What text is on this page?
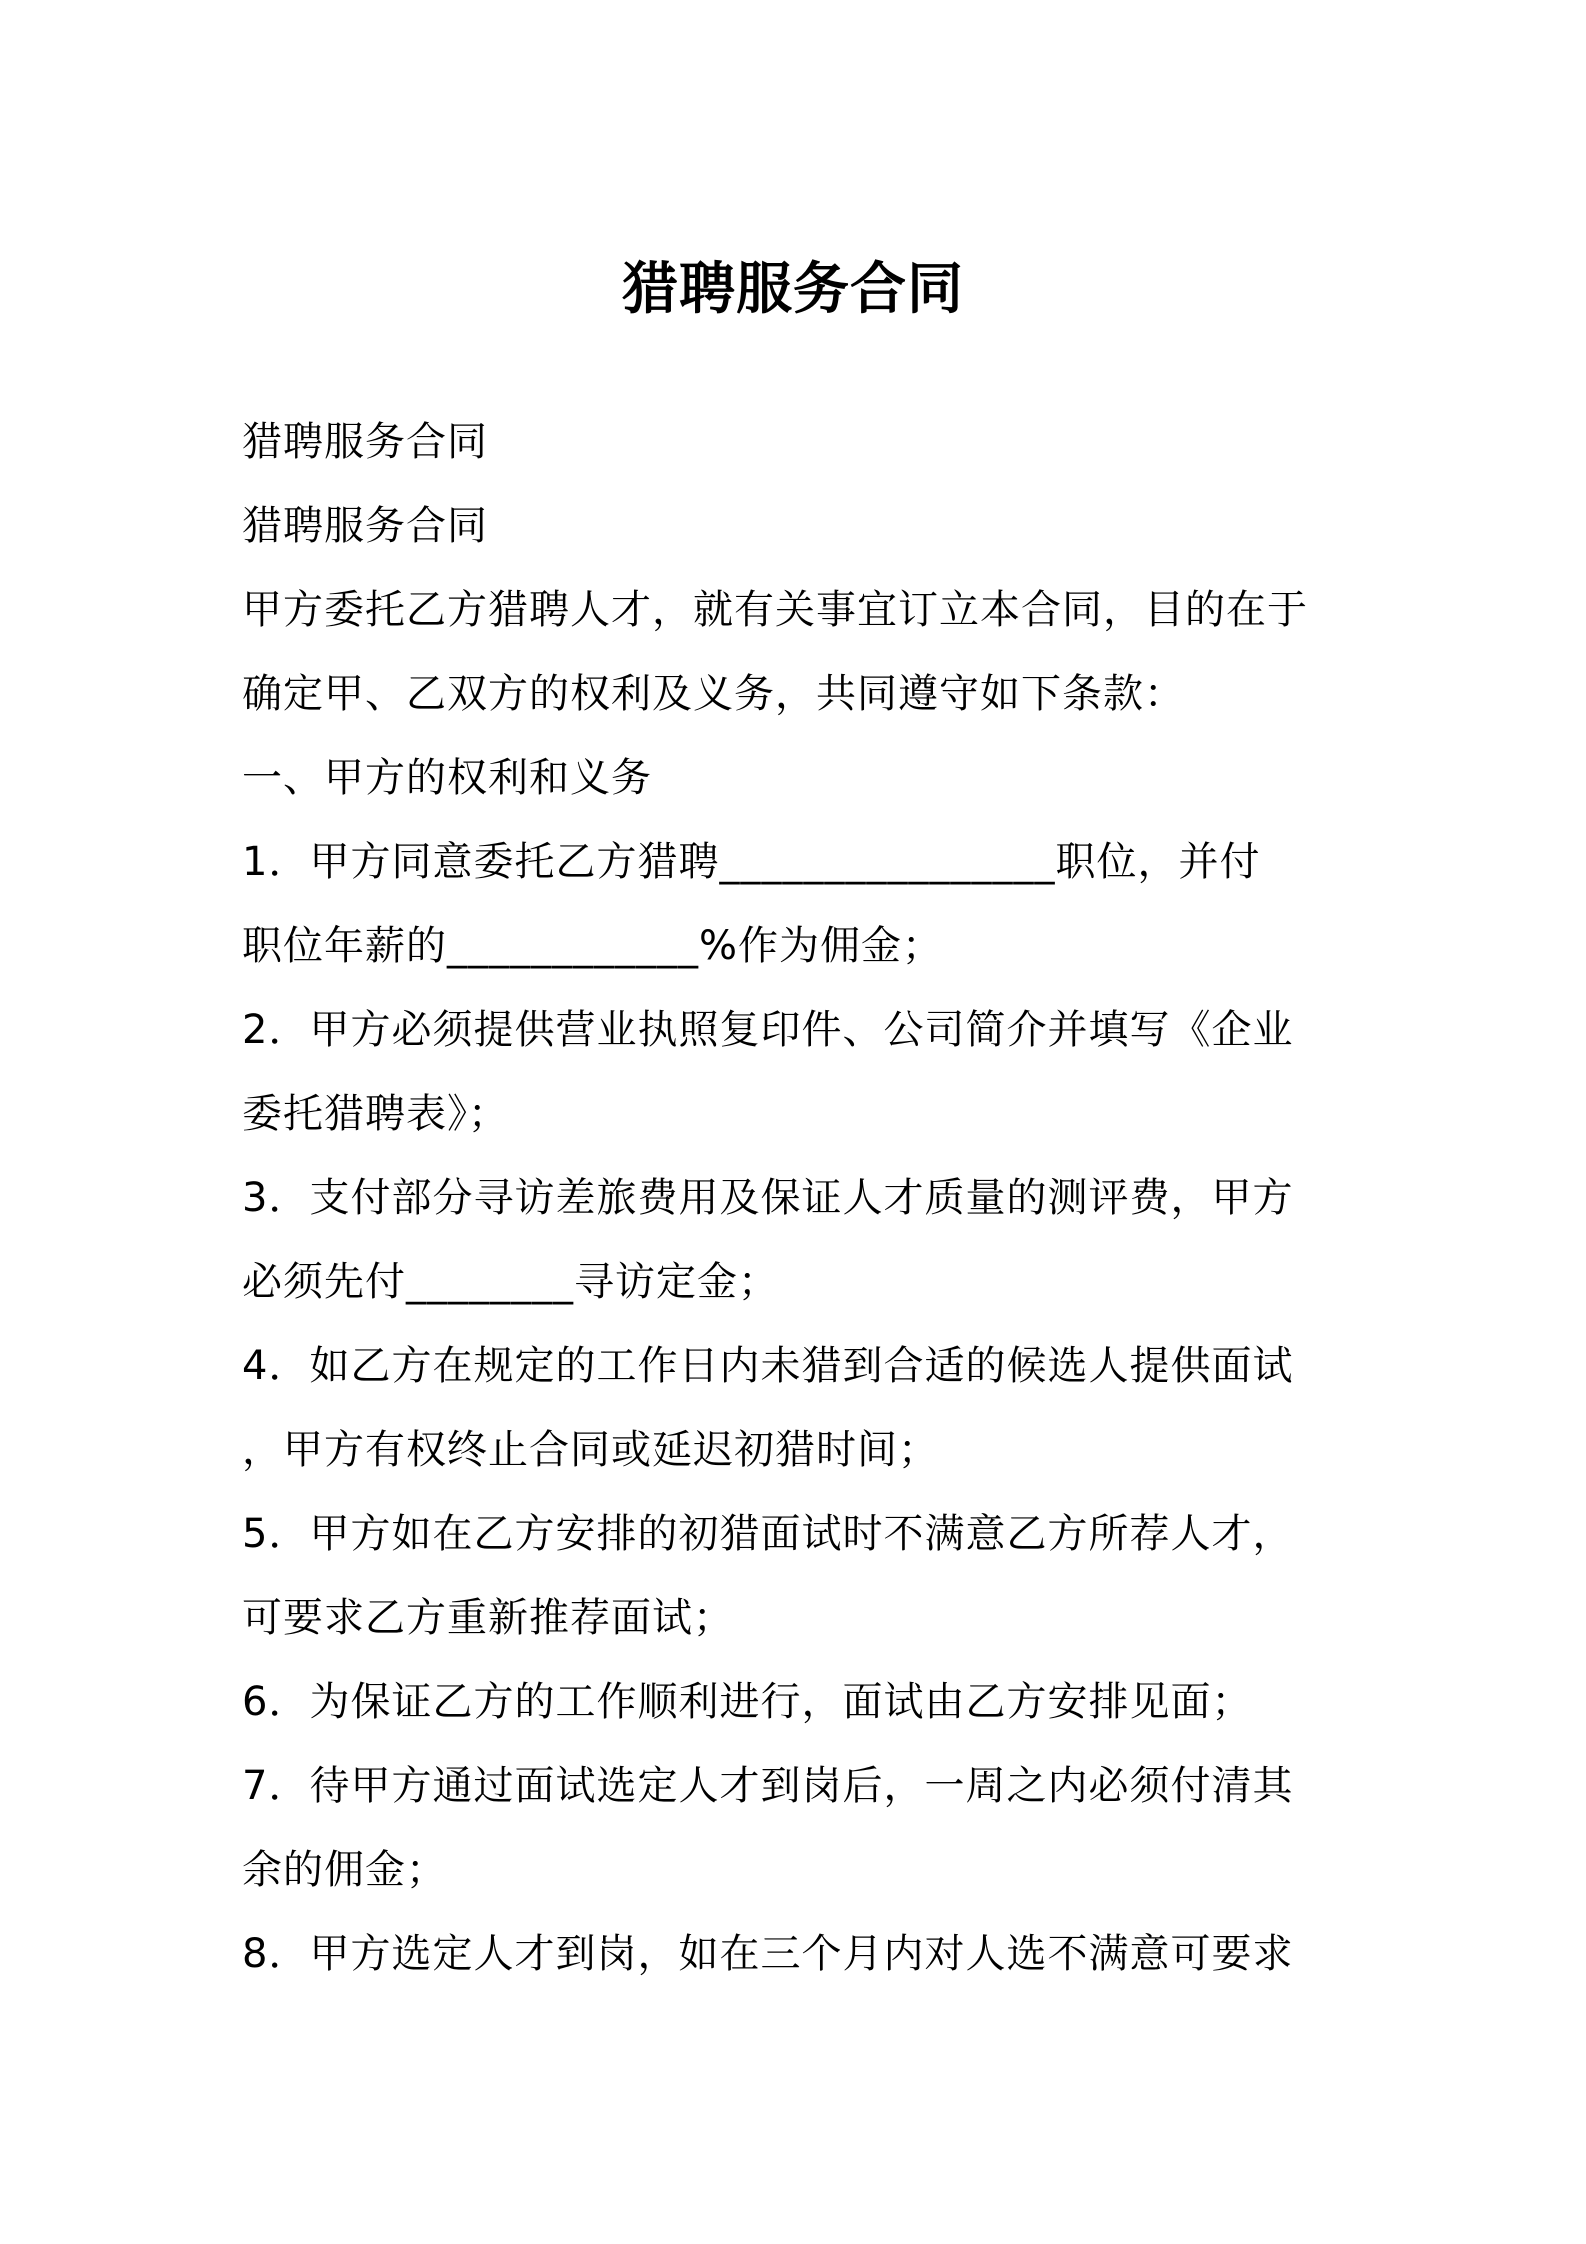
猎聘服务合同
猎聘服务合同
猎聘服务合同
甲方委托乙方猎聘人才，就有关事宜订立本合同，目的在于
确定甲、乙双方的权利及义务，共同遵守如下条款：
一、甲方的权利和义务
1．甲方同意委托乙方猎聘________________职位，并付
职位年薪的____________%作为佣金；
2．甲方必须提供营业执照复印件、公司简介并填写《企业
委托猎聘表》；
3．支付部分寻访差旅费用及保证人才质量的测评费，甲方
必须先付________寻访定金；
4．如乙方在规定的工作日内未猎到合适的候选人提供面试
，甲方有权终止合同或延迟初猎时间；
5．甲方如在乙方安排的初猎面试时不满意乙方所荐人才，
可要求乙方重新推荐面试；
6．为保证乙方的工作顺利进行，面试由乙方安排见面；
7．待甲方通过面试选定人才到岗后，一周之内必须付清其
余的佣金；
8．甲方选定人才到岗，如在三个月内对人选不满意可要求
